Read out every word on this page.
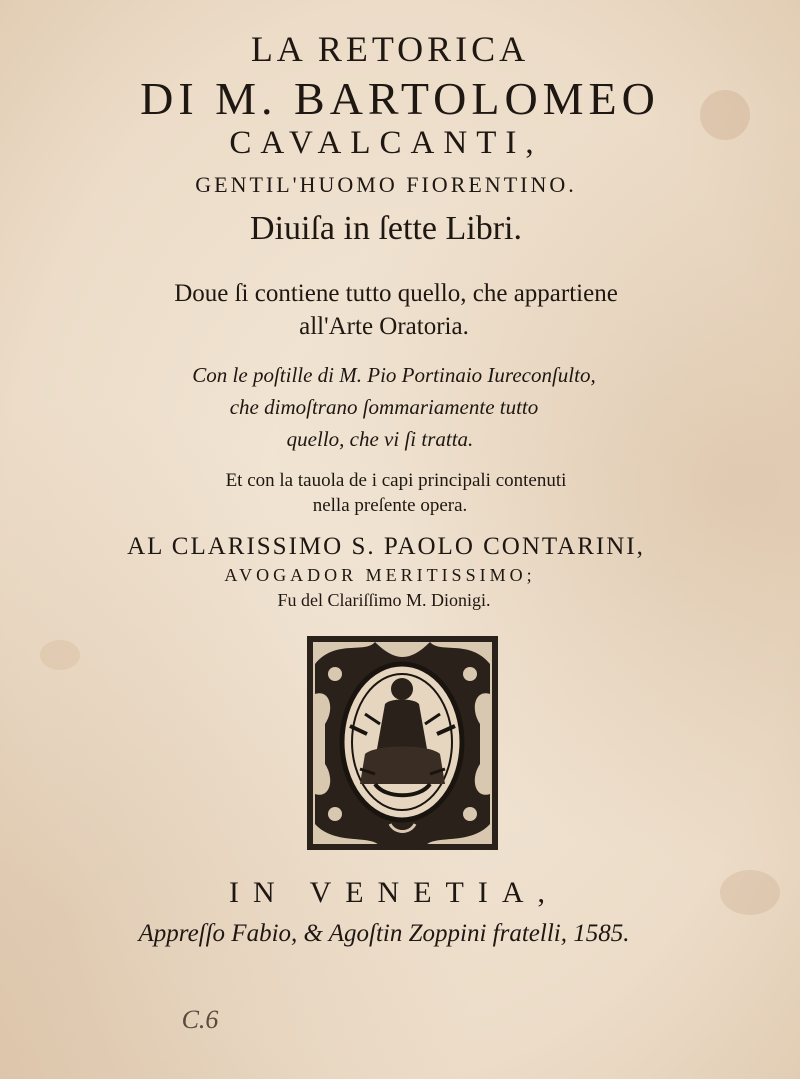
LA RETORICA
DI M. BARTOLOMEO
CAVALCANTI,
GENTIL'HUOMO FIORENTINO.
Diuiſa in ſette Libri.
Doue ſi contiene tutto quello, che appartiene
all'Arte Oratoria.
Con le poſtille di M. Pio Portinaio Iureconſulto,
che dimoſtrano ſommariamente tutto
quello, che vi ſi tratta.
Et con la tauola de i capi principali contenuti
nella preſente opera.
AL CLARISSIMO S. PAOLO CONTARINI,
AVOGADOR MERITISSIMO;
Fu del Clariſſimo M. Dionigi.
IN VENETIA,
Appreſſo Fabio, & Agoſtin Zoppini fratelli, 1585.
C.6
